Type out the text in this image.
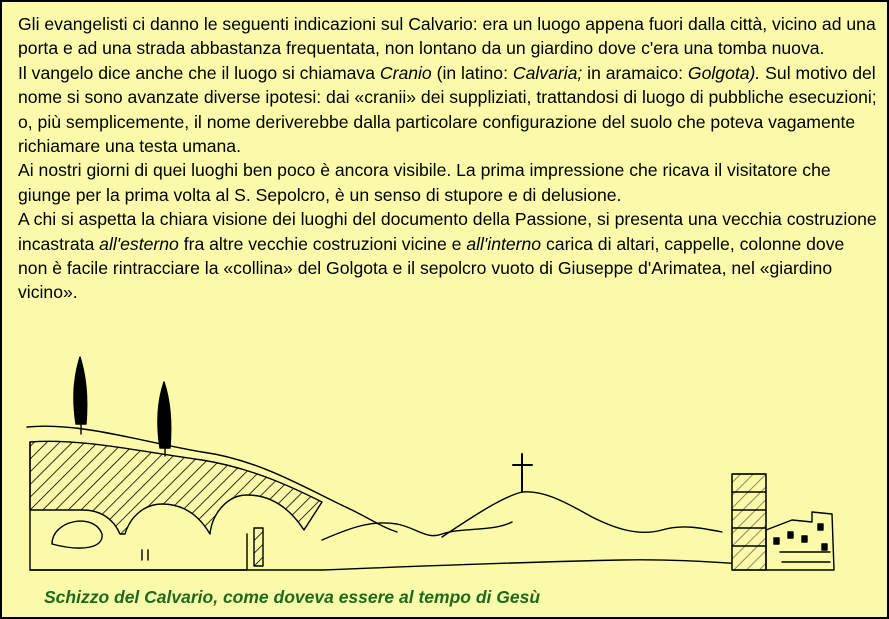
Gli evangelisti ci danno le seguenti indicazioni sul Calvario: era un luogo appena fuori dalla città, vicino ad una porta e ad una strada abbastanza frequentata, non lontano da un giardino dove c'era una tomba nuova.

Il vangelo dice anche che il luogo si chiamava Cranio (in latino: Calvaria; in aramaico: Golgota). Sul motivo del nome si sono avanzate diverse ipotesi: dai «cranii» dei suppliziati, trattandosi di luogo di pubbliche esecuzioni; o, più semplicemente, il nome deriverebbe dalla particolare configurazione del suolo che poteva vagamente richiamare una testa umana.

Ai nostri giorni di quei luoghi ben poco è ancora visibile. La prima impressione che ricava il visitatore che giunge per la prima volta al S. Sepolcro, è un senso di stupore e di delusione.

A chi si aspetta la chiara visione dei luoghi del documento della Passione, si presenta una vecchia costruzione incastrata all'esterno fra altre vecchie costruzioni vicine e all'interno carica di altari, cappelle, colonne dove non è facile rintracciare la «collina» del Golgota e il sepolcro vuoto di Giuseppe d'Arimatea, nel «giardino vicino».

Schizzo del Calvario, come doveva essere al tempo di Gesù
